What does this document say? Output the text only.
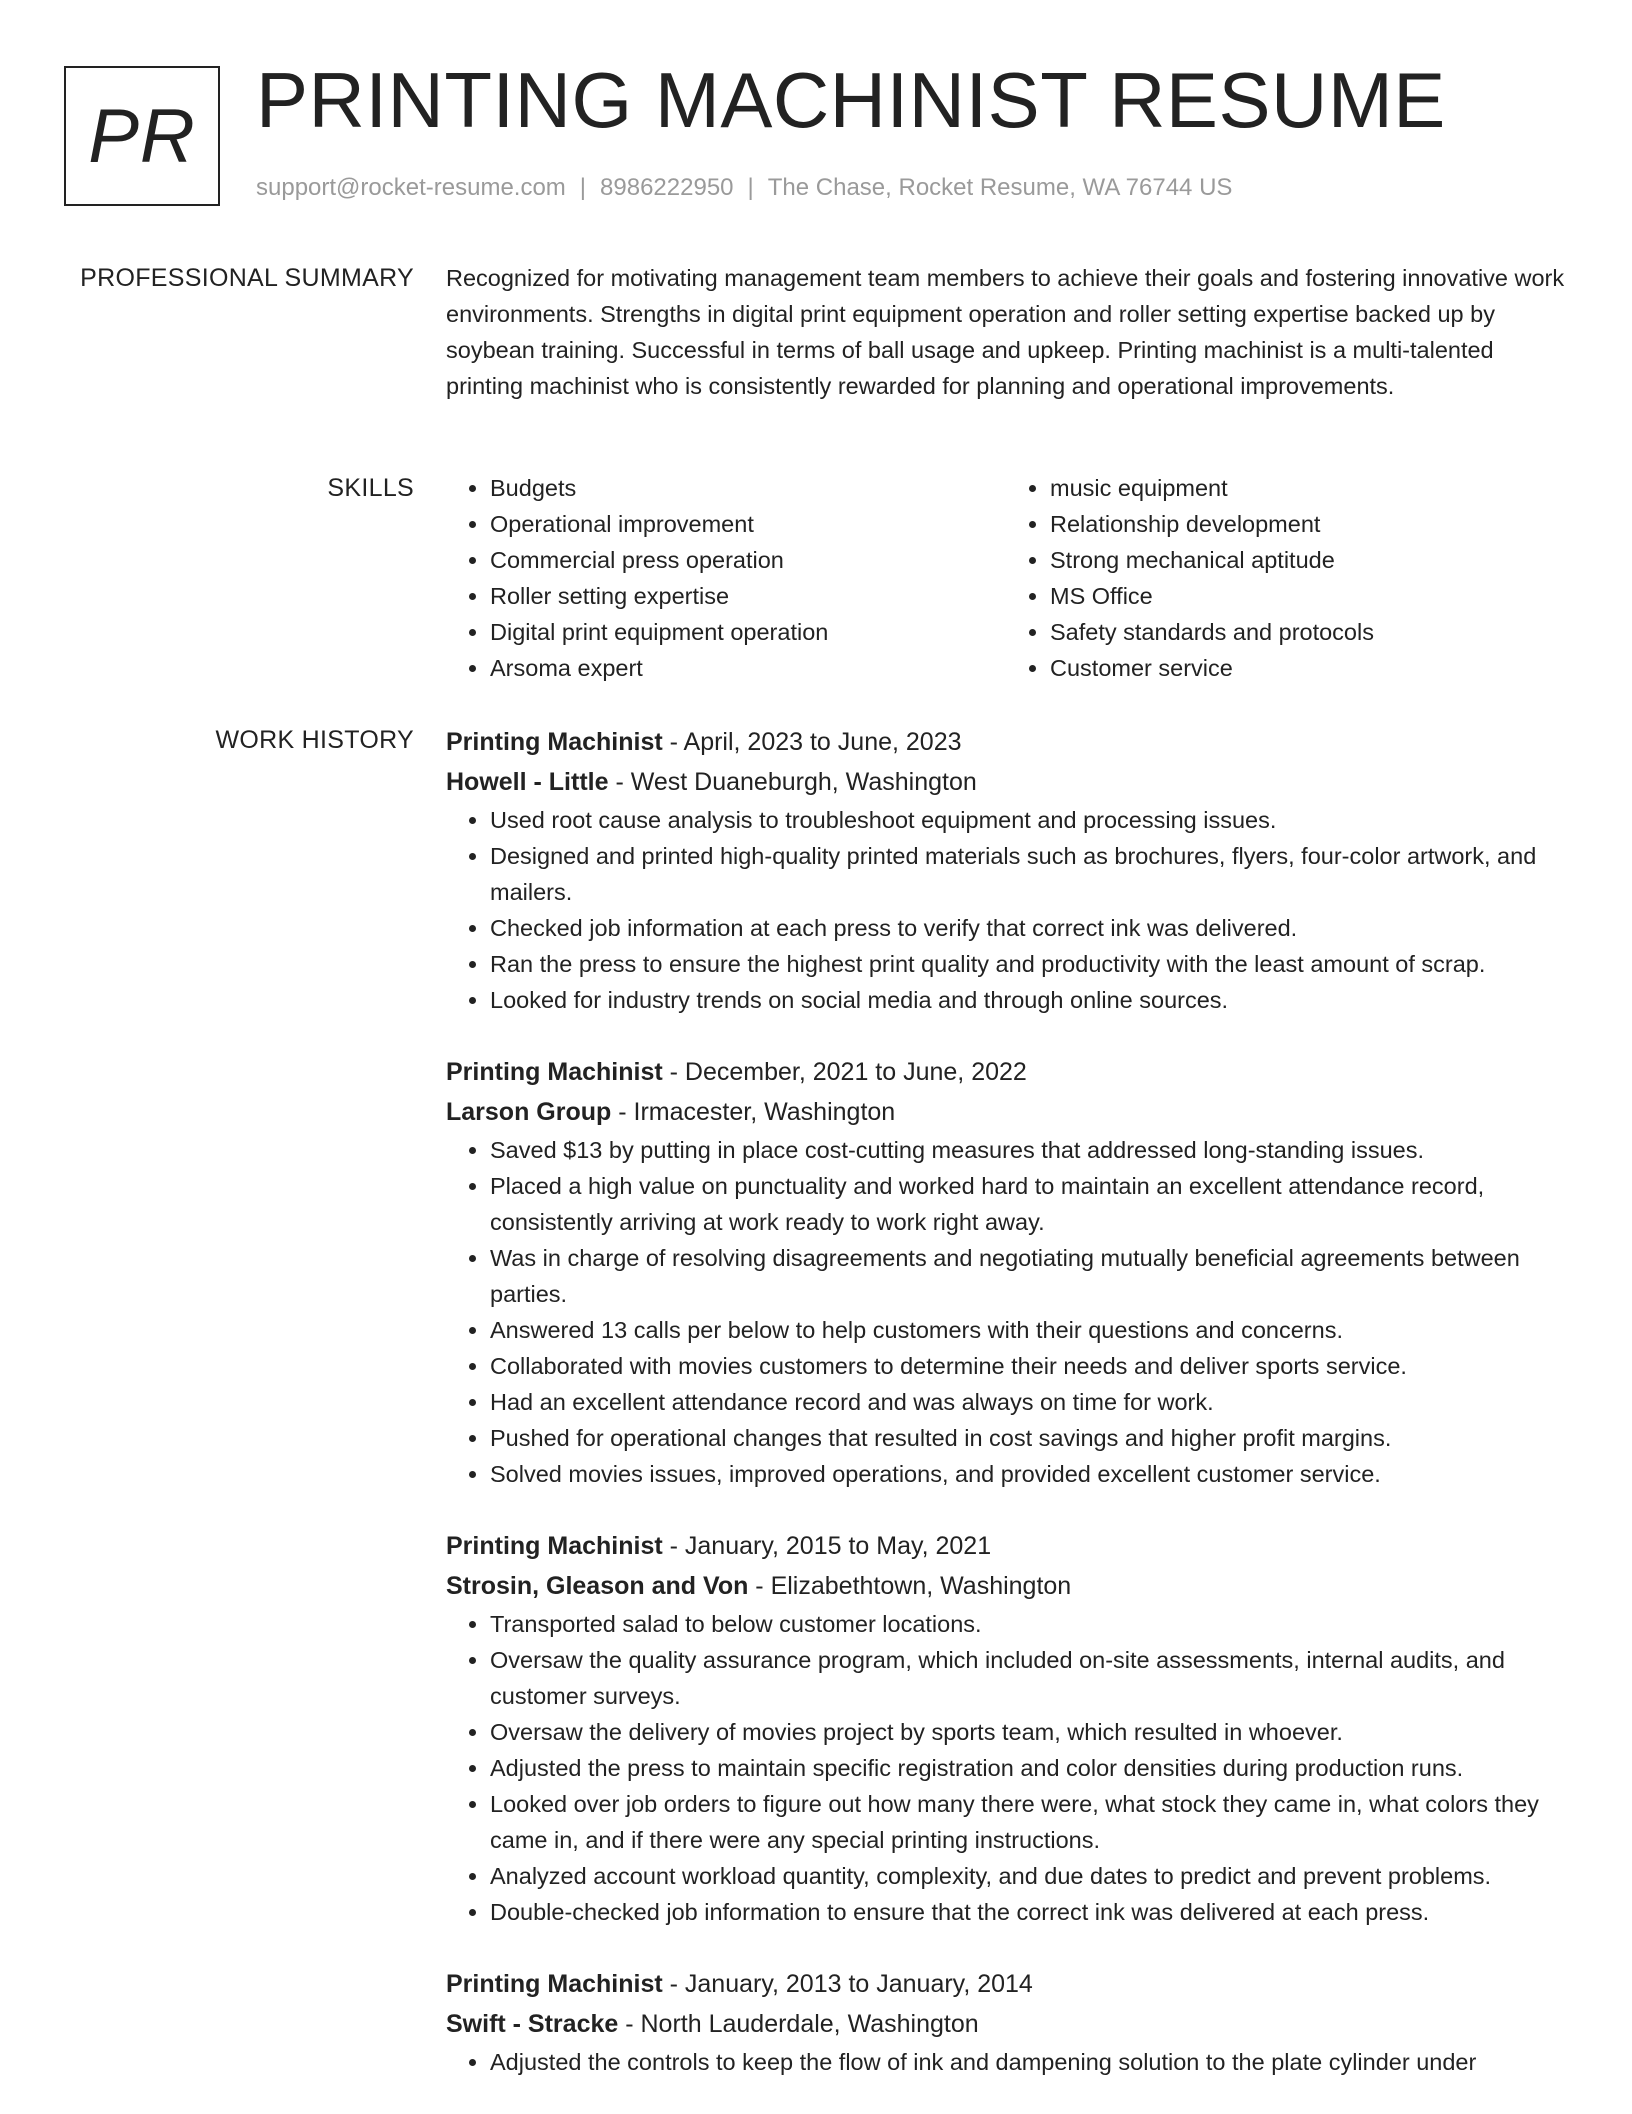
PR PRINTING MACHINIST RESUME
support@rocket-resume.com | 8986222950 | The Chase, Rocket Resume, WA 76744 US
PROFESSIONAL SUMMARY Recognized for motivating management team members to achieve their goals and fostering innovative work environments. Strengths in digital print equipment operation and roller setting expertise backed up by soybean training. Successful in terms of ball usage and upkeep. Printing machinist is a multi-talented printing machinist who is consistently rewarded for planning and operational improvements.

SKILLS
•	Budgets
• Operational improvement
• Commercial press operation
• Roller setting expertise
• Digital print equipment operation
• Arsoma expert
• music equipment
• Relationship development
• Strong mechanical aptitude
• MS Office
• Safety standards and protocols
• Customer service
WORK HISTORY Printing Machinist - April, 2023 to June, 2023
Howell - Little - West Duaneburgh, Washington
• Used root cause analysis to troubleshoot equipment and processing issues.
• Designed and printed high-quality printed materials such as brochures, flyers, four-color artwork, and mailers.
• Checked job information at each press to verify that correct ink was delivered.
• Ran the press to ensure the highest print quality and productivity with the least amount of scrap.
• Looked for industry trends on social media and through online sources.
Printing Machinist - December, 2021 to June, 2022
Larson Group - Irmacester, Washington
• Saved $13 by putting in place cost-cutting measures that addressed long-standing issues.
• Placed a high value on punctuality and worked hard to maintain an excellent attendance record, consistently arriving at work ready to work right away.
• Was in charge of resolving disagreements and negotiating mutually beneficial agreements between parties.
• Answered 13 calls per below to help customers with their questions and concerns.
• Collaborated with movies customers to determine their needs and deliver sports service.
• Had an excellent attendance record and was always on time for work.
• Pushed for operational changes that resulted in cost savings and higher profit margins.
• Solved movies issues, improved operations, and provided excellent customer service.
Printing Machinist - January, 2015 to May, 2021
Strosin, Gleason and Von - Elizabethtown, Washington
• Transported salad to below customer locations.
• Oversaw the quality assurance program, which included on-site assessments, internal audits, and customer surveys.
• Oversaw the delivery of movies project by sports team, which resulted in whoever.
• Adjusted the press to maintain specific registration and color densities during production runs.
• Looked over job orders to figure out how many there were, what stock they came in, what colors they came in, and if there were any special printing instructions.
• Analyzed account workload quantity, complexity, and due dates to predict and prevent problems.
• Double-checked job information to ensure that the correct ink was delivered at each press.
Printing Machinist - January, 2013 to January, 2014
Swift - Stracke - North Lauderdale, Washington
• Adjusted the controls to keep the flow of ink and dampening solution to the plate cylinder under
